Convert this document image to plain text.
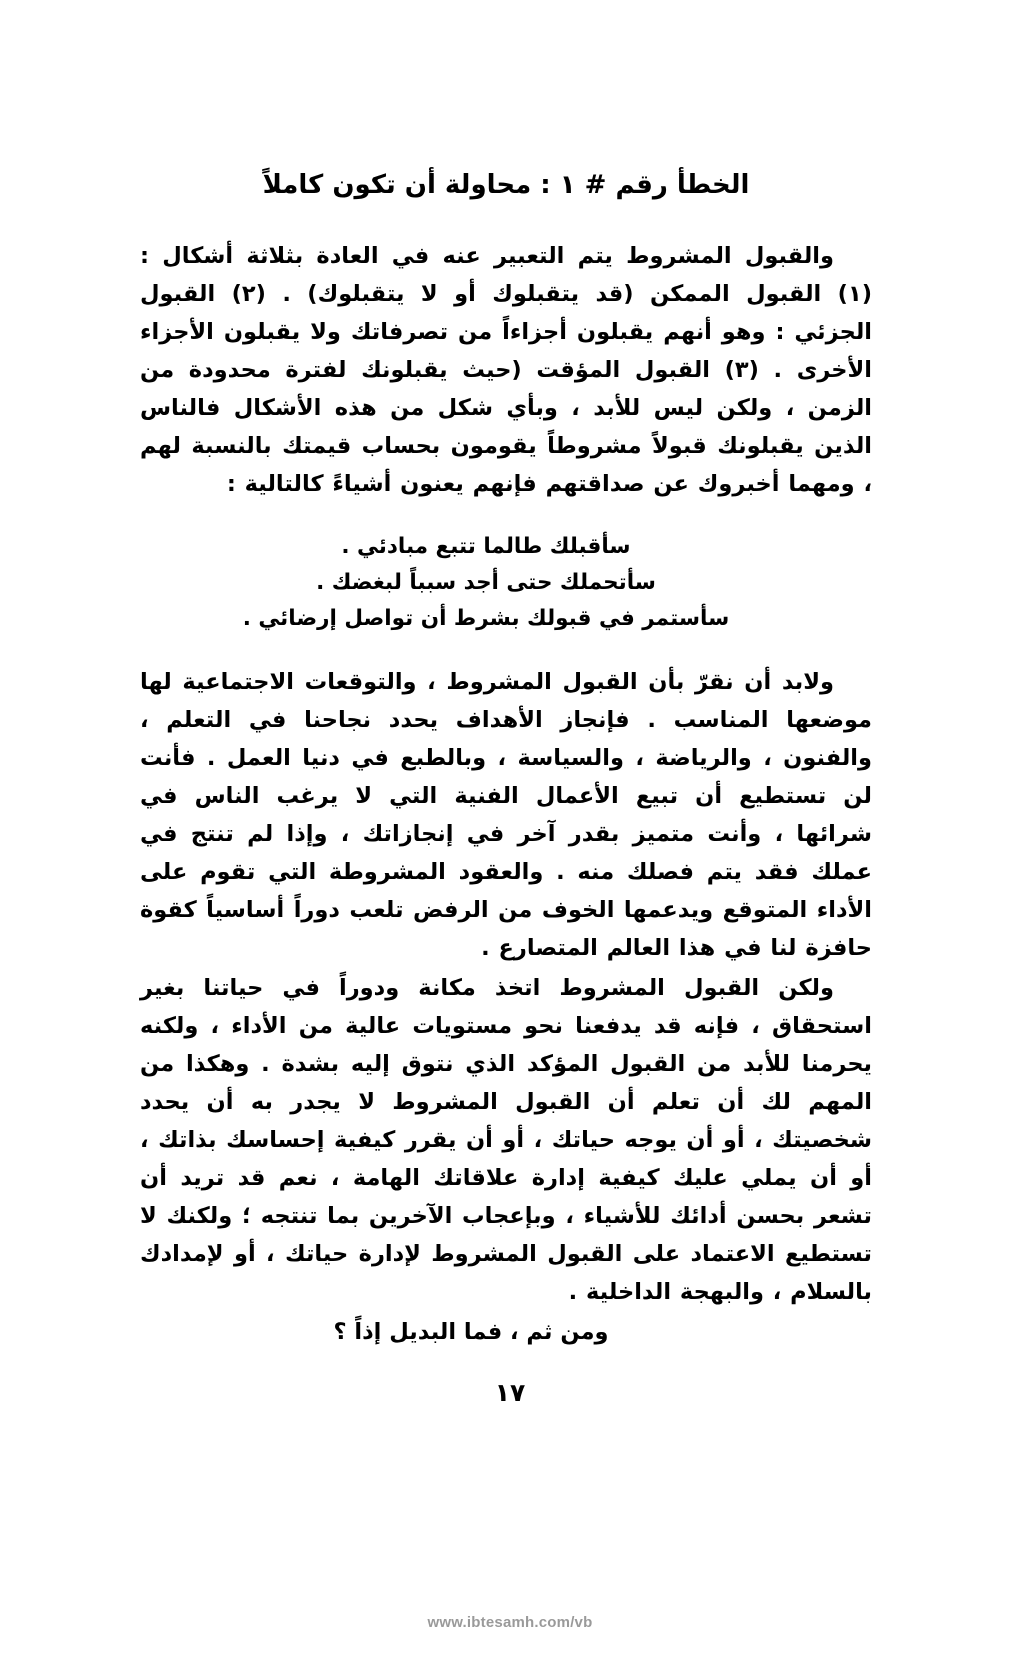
الخطأ رقم # ١ : محاولة أن تكون كاملاً

والقبول المشروط يتم التعبير عنه في العادة بثلاثة أشكال : (١) القبول الممكن (قد يتقبلوك أو لا يتقبلوك) . (٢) القبول الجزئي : وهو أنهم يقبلون أجزاءاً من تصرفاتك ولا يقبلون الأجزاء الأخرى . (٣) القبول المؤقت (حيث يقبلونك لفترة محدودة من الزمن ، ولكن ليس للأبد ، وبأي شكل من هذه الأشكال فالناس الذين يقبلونك قبولاً مشروطاً يقومون بحساب قيمتك بالنسبة لهم ، ومهما أخبروك عن صداقتهم فإنهم يعنون أشياءً كالتالية :

سأقبلك طالما تتبع مبادئي .

سأتحملك حتى أجد سبباً لبغضك .

سأستمر في قبولك بشرط أن تواصل إرضائي .

ولابد أن نقرّ بأن القبول المشروط ، والتوقعات الاجتماعية لها موضعها المناسب . فإنجاز الأهداف يحدد نجاحنا في التعلم ، والفنون ، والرياضة ، والسياسة ، وبالطبع في دنيا العمل . فأنت لن تستطيع أن تبيع الأعمال الفنية التي لا يرغب الناس في شرائها ، وأنت متميز بقدر آخر في إنجازاتك ، وإذا لم تنتج في عملك فقد يتم فصلك منه . والعقود المشروطة التي تقوم على الأداء المتوقع ويدعمها الخوف من الرفض تلعب دوراً أساسياً كقوة حافزة لنا في هذا العالم المتصارع .

ولكن القبول المشروط اتخذ مكانة ودوراً في حياتنا بغير استحقاق ، فإنه قد يدفعنا نحو مستويات عالية من الأداء ، ولكنه يحرمنا للأبد من القبول المؤكد الذي نتوق إليه بشدة . وهكذا من المهم لك أن تعلم أن القبول المشروط لا يجدر به أن يحدد شخصيتك ، أو أن يوجه حياتك ، أو أن يقرر كيفية إحساسك بذاتك ، أو أن يملي عليك كيفية إدارة علاقاتك الهامة ، نعم قد تريد أن تشعر بحسن أدائك للأشياء ، وبإعجاب الآخرين بما تنتجه ؛ ولكنك لا تستطيع الاعتماد على القبول المشروط لإدارة حياتك ، أو لإمدادك بالسلام ، والبهجة الداخلية .

ومن ثم ، فما البديل إذاً ؟

١٧
www.ibtesamh.com/vb
